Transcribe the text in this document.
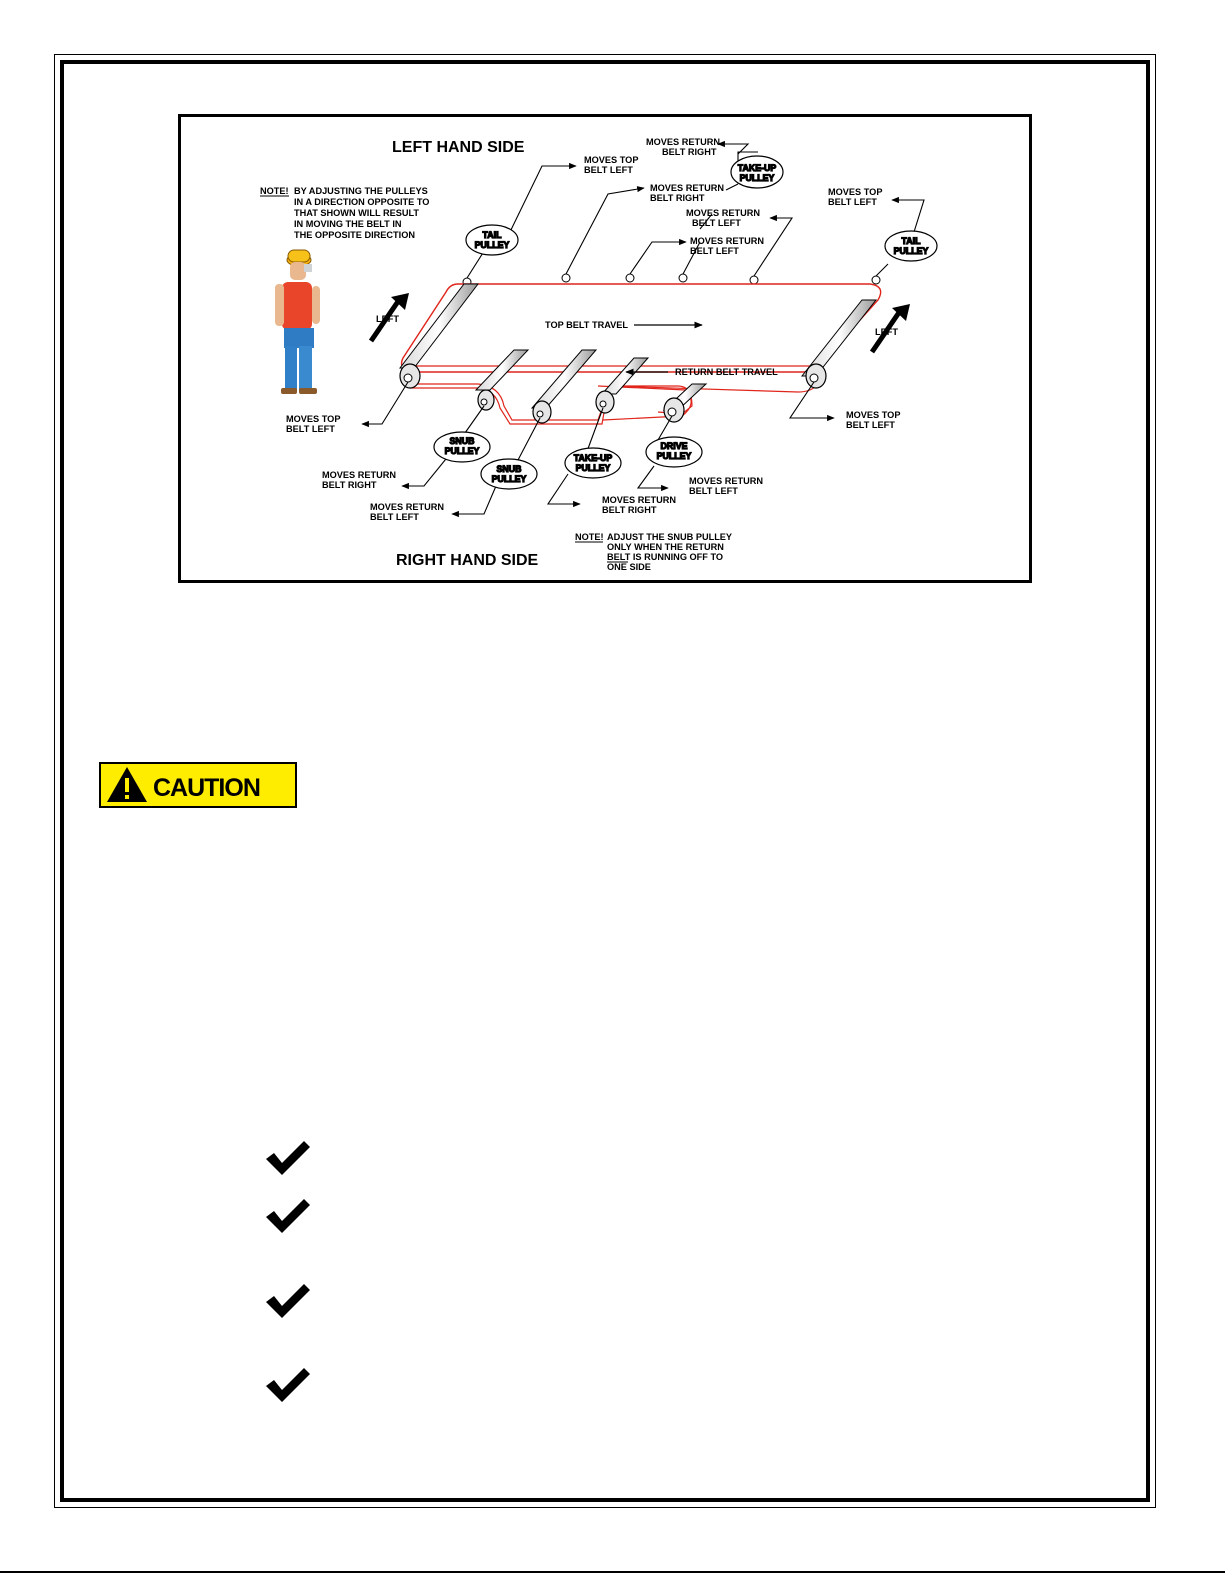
LEFT HAND SIDE
RIGHT HAND SIDE
NOTE! BY ADJUSTING THE PULLEYS
IN A DIRECTION OPPOSITE TO
THAT SHOWN WILL RESULT
IN MOVING THE BELT IN
THE OPPOSITE DIRECTION
NOTE! ADJUST THE SNUB PULLEY
ONLY WHEN THE RETURN
BELT IS RUNNING OFF TO
ONE SIDE
LEFT
LEFT
TOP BELT TRAVEL
RETURN BELT TRAVEL
TAIL
PULLEY
TAKE-UP
PULLEY
TAIL
PULLEY
SNUB
PULLEY
SNUB
PULLEY
TAKE-UP
PULLEY
DRIVE
PULLEY
MOVES TOP
BELT LEFT
MOVES RETURN
BELT RIGHT
MOVES RETURN
BELT RIGHT
MOVES RETURN
BELT LEFT
MOVES RETURN
BELT LEFT
MOVES TOP
BELT LEFT
MOVES TOP
BELT LEFT
MOVES TOP
BELT LEFT
MOVES RETURN
BELT RIGHT
MOVES RETURN
BELT LEFT
MOVES RETURN
BELT RIGHT
MOVES RETURN
BELT LEFT
CAUTION
